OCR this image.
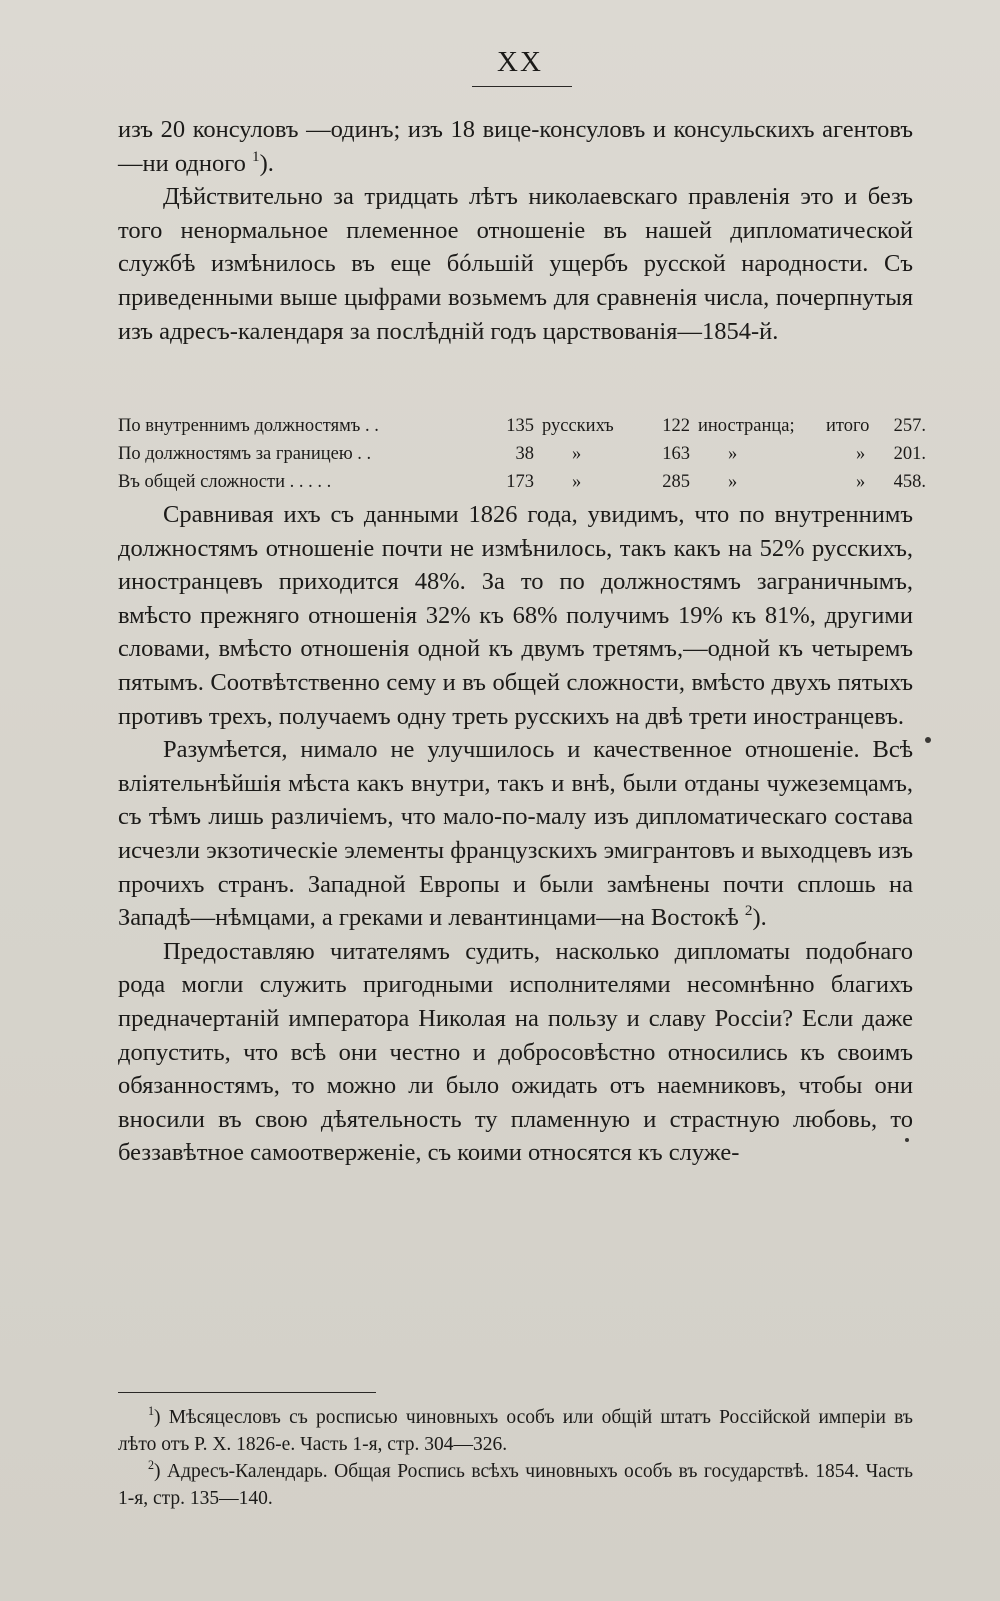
XX

изъ 20 консуловъ —одинъ; изъ 18 вице-консуловъ и консульскихъ агентовъ—ни одного $^1$).

Дѣйствительно за тридцать лѣтъ николаевскаго правленія это и безъ того ненормальное племенное отношеніе въ нашей дипломатической службѣ измѣнилось въ еще бóльшій ущербъ русской народности. Съ приведенными выше цыфрами возьмемъ для сравненія числа, почерпнутыя изъ адресъ-календаря за послѣдній годъ царствованія—1854-й.

По внутреннимъ должностямъ . .	135	русскихъ	122	иностранца;	итого	257.
По должностямъ за границею . .	38	»	163	»	»	201.
Въ общей сложности . . . . .	173	»	285	»	»	458.

Сравнивая ихъ съ данными 1826 года, увидимъ, что по внутреннимъ должностямъ отношеніе почти не измѣнилось, такъ какъ на 52% русскихъ, иностранцевъ приходится 48%. За то по должностямъ заграничнымъ, вмѣсто прежняго отношенія 32% къ 68% получимъ 19% къ 81%, другими словами, вмѣсто отношенія одной къ двумъ третямъ,—одной къ четыремъ пятымъ. Соотвѣтственно сему и въ общей сложности, вмѣсто двухъ пятыхъ противъ трехъ, получаемъ одну треть русскихъ на двѣ трети иностранцевъ.

Разумѣется, нимало не улучшилось и качественное отношеніе. Всѣ вліятельнѣйшія мѣста какъ внутри, такъ и внѣ, были отданы чужеземцамъ, съ тѣмъ лишь различіемъ, что мало-по-малу изъ дипломатическаго состава исчезли экзотическіе элементы французскихъ эмигрантовъ и выходцевъ изъ прочихъ странъ. Западной Европы и были замѣнены почти сплошь на Западѣ—нѣмцами, а греками и левантинцами—на Востокѣ $^2$).

Предоставляю читателямъ судить, насколько дипломаты подобнаго рода могли служить пригодными исполнителями несомнѣнно благихъ предначертаній императора Николая на пользу и славу Россіи? Если даже допустить, что всѣ они честно и добросовѣстно относились къ своимъ обязанностямъ, то можно ли было ожидать отъ наемниковъ, чтобы они вносили въ свою дѣятельность ту пламенную и страстную любовь, то беззавѣтное самоотверженіе, съ коими относятся къ служе-

$^1$) Мѣсяцесловъ съ росписью чиновныхъ особъ или общій штатъ Россійской имперіи въ лѣто отъ Р. Х. 1826-е. Часть 1-я, стр. 304—326.

$^2$) Адресъ-Календарь. Общая Роспись всѣхъ чиновныхъ особъ въ государствѣ. 1854. Часть 1-я, стр. 135—140.
